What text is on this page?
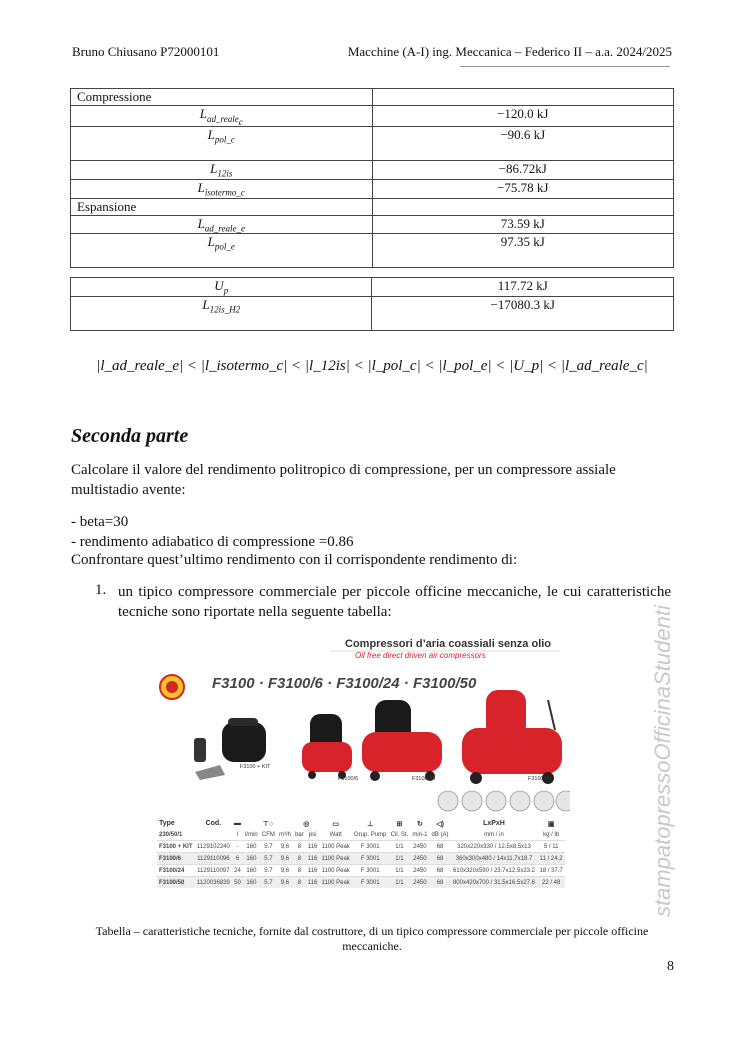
Bruno Chiusano P72000101	Macchine (A-I) ing. Meccanica – Federico II – a.a. 2024/2025
Compressione	
$L_{ad\_reale_c}$	−120.0 kJ
$L_{pol\_c}$	−90.6 kJ
$L_{12is}$	−86.72kJ
$L_{isotermo\_c}$	−75.78 kJ
Espansione	
$L_{ad\_reale\_e}$	73.59 kJ
$L_{pol\_e}$	97.35 kJ
$U_p$	117.72 kJ
$L_{12is\_H2}$	−17080.3 kJ
|l_ad_reale_e| < |l_isotermo_c| < |l_12is| < |l_pol_c| < |l_pol_e| < |U_p| < |l_ad_reale_c|
Seconda parte
Calcolare il valore del rendimento politropico di compressione, per un compressore assiale multistadio avente:
- beta=30
- rendimento adiabatico di compressione =0.86
Confrontare quest’ultimo rendimento con il corrispondente rendimento di:
1. un tipico compressore commerciale per piccole officine meccaniche, le cui caratteristiche tecniche sono riportate nella seguente tabella:
Compressori d’aria coassiali senza olio
Oil free direct driven air compressors
F3100 · F3100/6 · F3100/24 · F3100/50
F3100 + KIT
F3100/6	F3100/24	F3100/50
Type	Cod.	▬	⊤○			◎		▭	⊥	⊞	↻	◁)	LxPxH	▣
230/50/1		l	l/min	CFM	m³/h	bar	psi	Watt	Grup. Pump	Cil. St.	min-1	dB (A)	mm / in	kg / lb
F3100 + KIT	1129102240	-	160	5.7	9,6	8	116	1100 Peak	F 3001	1/1	2450	68	320x220x330 / 12.5x8.5x13	5 / 11
F3100/6	1129110096	6	160	5.7	9,6	8	116	1100 Peak	F 3001	1/1	2450	68	360x300x480 / 14x11.7x18.7	11 / 24.2
F3100/24	1129110097	24	160	5.7	9,6	8	116	1100 Peak	F 3001	1/1	2450	68	610x320x590 / 23.7x12.5x23.2	18 / 37.7
F3100/50	1120036839	50	160	5.7	9,6	8	116	1100 Peak	F 3001	1/1	2450	68	800x420x700 / 31.5x16.5x27.6	22 / 48
Tabella – caratteristiche tecniche, fornite dal costruttore, di un tipico compressore commerciale per piccole officine meccaniche.
stampatopressoOfficinaStudenti
8
